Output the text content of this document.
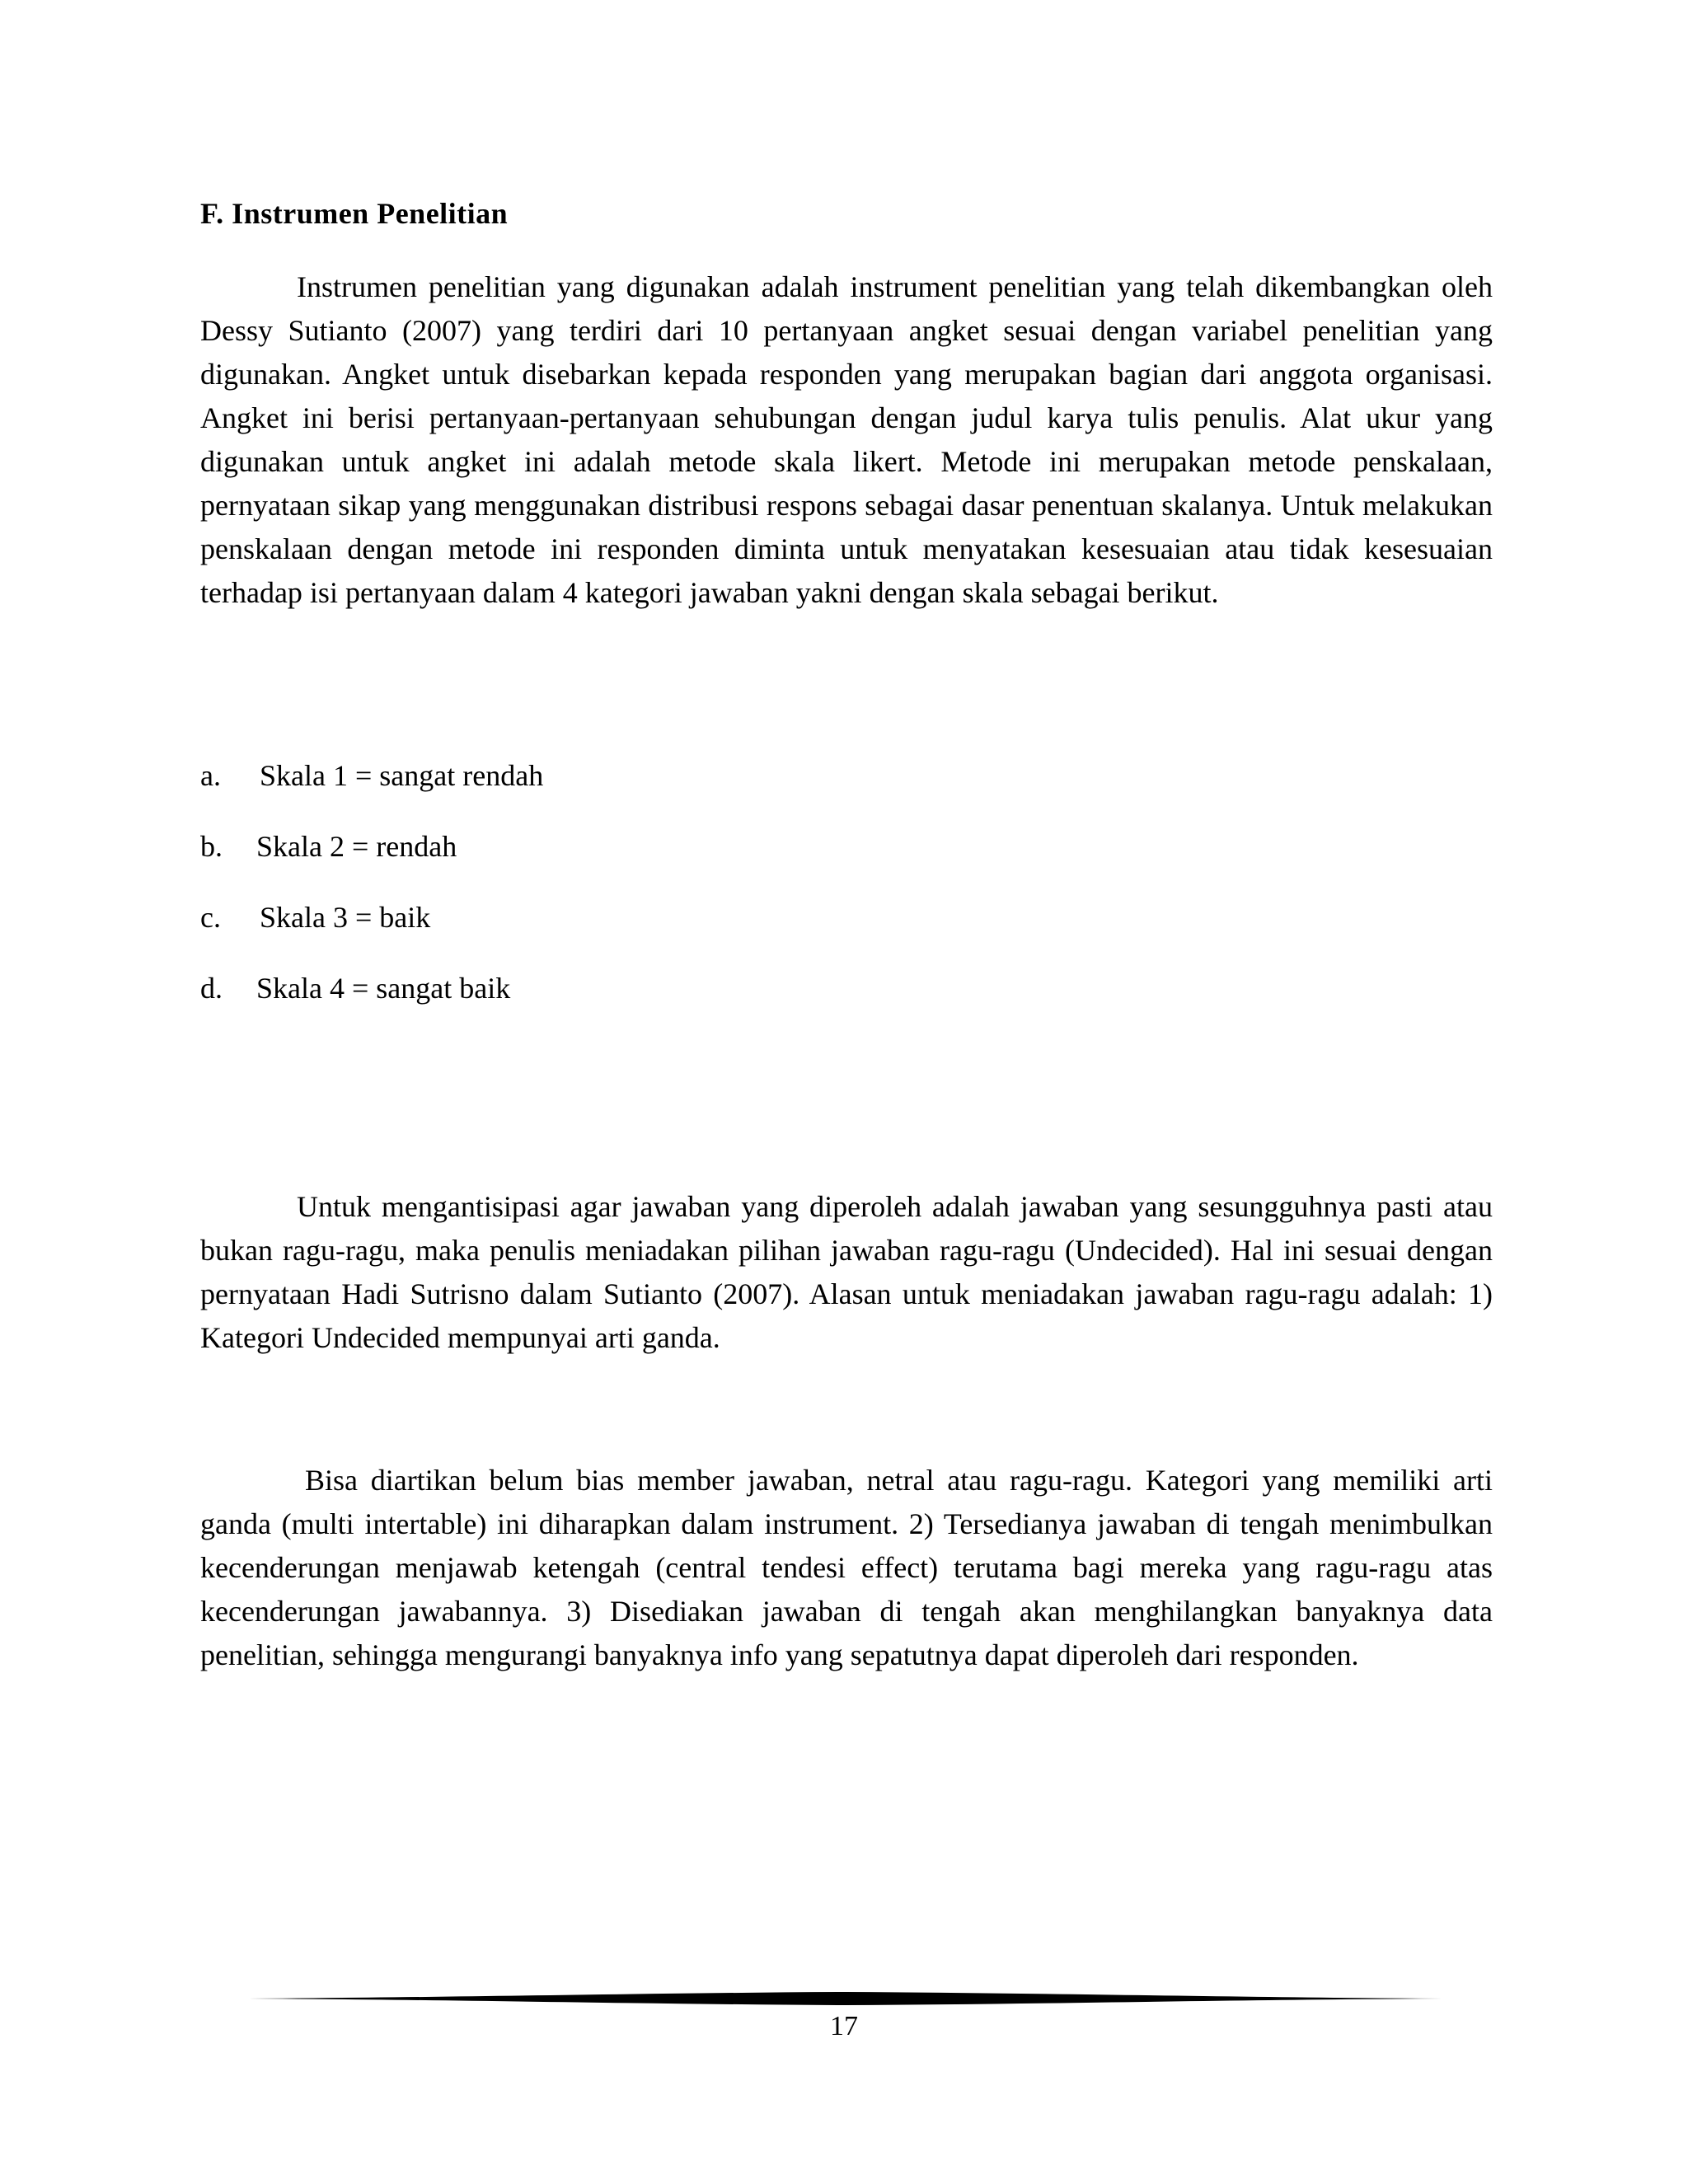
F. Instrumen Penelitian

Instrumen penelitian yang digunakan adalah instrument penelitian yang telah dikembangkan oleh Dessy Sutianto (2007) yang terdiri dari 10 pertanyaan angket sesuai dengan variabel penelitian yang digunakan. Angket untuk disebarkan kepada responden yang merupakan bagian dari anggota organisasi. Angket ini berisi pertanyaan-pertanyaan sehubungan dengan judul karya tulis penulis. Alat ukur yang digunakan untuk angket ini adalah metode skala likert. Metode ini merupakan metode penskalaan, pernyataan sikap yang menggunakan distribusi respons sebagai dasar penentuan skalanya. Untuk melakukan penskalaan dengan metode ini responden diminta untuk menyatakan kesesuaian atau tidak kesesuaian terhadap isi pertanyaan dalam 4 kategori jawaban yakni dengan skala sebagai berikut.

a. Skala 1 = sangat rendah
b. Skala 2 = rendah
c. Skala 3 = baik
d. Skala 4 = sangat baik

Untuk mengantisipasi agar jawaban yang diperoleh adalah jawaban yang sesungguhnya pasti atau bukan ragu-ragu, maka penulis meniadakan pilihan jawaban ragu-ragu (Undecided). Hal ini sesuai dengan pernyataan Hadi Sutrisno dalam Sutianto (2007). Alasan untuk meniadakan jawaban ragu-ragu adalah: 1) Kategori Undecided mempunyai arti ganda.

Bisa diartikan belum bias member jawaban, netral atau ragu-ragu. Kategori yang memiliki arti ganda (multi intertable) ini diharapkan dalam instrument. 2) Tersedianya jawaban di tengah menimbulkan kecenderungan menjawab ketengah (central tendesi effect) terutama bagi mereka yang ragu-ragu atas kecenderungan jawabannya. 3) Disediakan jawaban di tengah akan menghilangkan banyaknya data penelitian, sehingga mengurangi banyaknya info yang sepatutnya dapat diperoleh dari responden.

17
